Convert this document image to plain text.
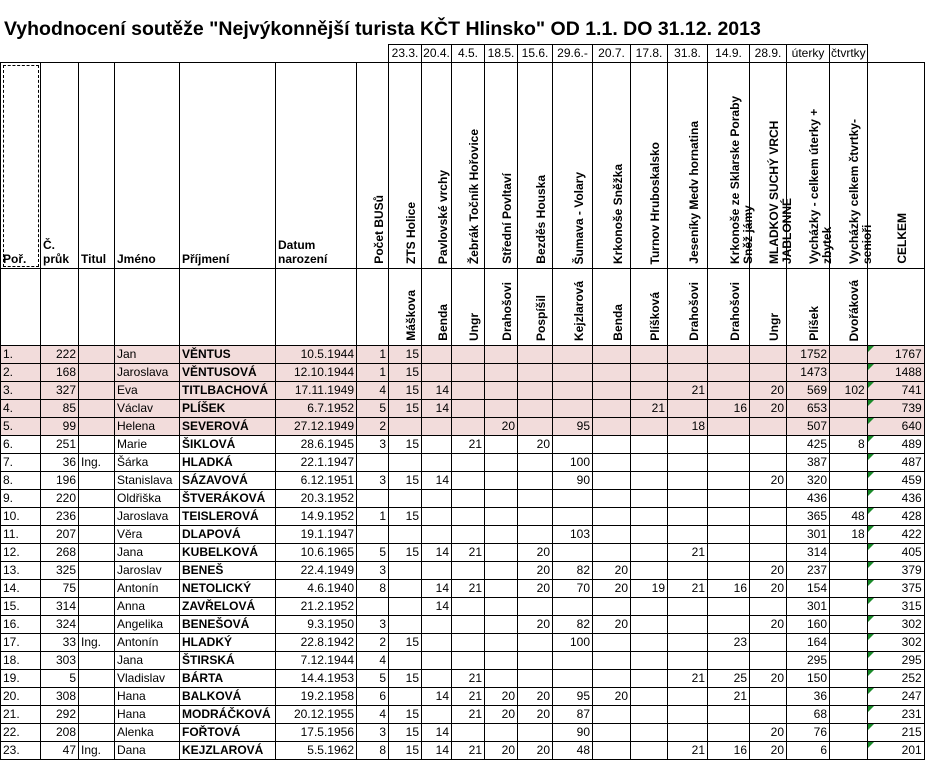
Vyhodnocení soutěže "Nejvýkonnější turista KČT Hlinsko" OD 1.1. DO 31.12. 2013
							23.3.	20.4.	4.5.	18.5.	15.6.	29.6.-	20.7.	17.8.	31.8.	14.9.	28.9.	úterky	čtvrtky	
Poř.	Č. průk	Titul	Jméno	Příjmení	Datum narození	Počet BUSů	ZTS Holice	Pavlovské vrchy	Žebrák Točník Hořovice	Střední Povltaví	Bezděs Houska	Šumava - Volary	Krkonoše Sněžka	Turnov Hruboskalsko	Jeseníky Medv hornatina	Krkonoše ze Sklarske Poraby Sněž jámy	MLADKOV SUCHÝ VRCH JABLONNÉ	Vycházky - celkem úterky + zbytek	Vycházky celkem čtvrtky-senioři	CELKEM

							Máškova	Benda	Ungr	Drahošovi	Pospíšil	Kejzlarová	Benda	Plíšková	Drahošovi	Drahošovi	Ungr	Plíšek	Dvořáková	

1.	222		Jan	VĚNTUS	10.5.1944	1	15											1752		1767
2.	168		Jaroslava	VĚNTUSOVÁ	12.10.1944	1	15											1473		1488
3.	327		Eva	TITLBACHOVÁ	17.11.1949	4	15	14							21		20	569	102	741
4.	85		Václav	PLÍŠEK	6.7.1952	5	15	14						21		16	20	653		739
5.	99		Helena	SEVEROVÁ	27.12.1949	2				20		95			18			507		640
6.	251		Marie	ŠIKLOVÁ	28.6.1945	3	15		21		20							425	8	489
7.	36	Ing.	Šárka	HLADKÁ	22.1.1947							100						387		487
8.	196		Stanislava	SÁZAVOVÁ	6.12.1951	3	15	14				90					20	320		459
9.	220		Oldřiška	ŠTVERÁKOVÁ	20.3.1952													436		436
10.	236		Jaroslava	TEISLEROVÁ	14.9.1952	1	15											365	48	428
11.	207		Věra	DLAPOVÁ	19.1.1947							103						301	18	422
12.	268		Jana	KUBELKOVÁ	10.6.1965	5	15	14	21		20				21			314		405
13.	325		Jaroslav	BENEŠ	22.4.1949	3					20	82	20				20	237		379
14.	75		Antonín	NETOLICKÝ	4.6.1940	8		14	21		20	70	20	19	21	16	20	154		375
15.	314		Anna	ZAVŘELOVÁ	21.2.1952			14										301		315
16.	324		Angelika	BENEŠOVÁ	9.3.1950	3					20	82	20				20	160		302
17.	33	Ing.	Antonín	HLADKÝ	22.8.1942	2	15					100				23		164		302
18.	303		Jana	ŠTIRSKÁ	7.12.1944	4												295		295
19.	5		Vladislav	BÁRTA	14.4.1953	5	15		21						21	25	20	150		252
20.	308		Hana	BALKOVÁ	19.2.1958	6		14	21	20	20	95	20			21		36		247
21.	292		Hana	MODRÁČKOVÁ	20.12.1955	4	15		21	20	20	87						68		231
22.	208		Alenka	FOŘTOVÁ	17.5.1956	3	15	14				90					20	76		215
23.	47	Ing.	Dana	KEJZLAROVÁ	5.5.1962	8	15	14	21	20	20	48			21	16	20	6		201
